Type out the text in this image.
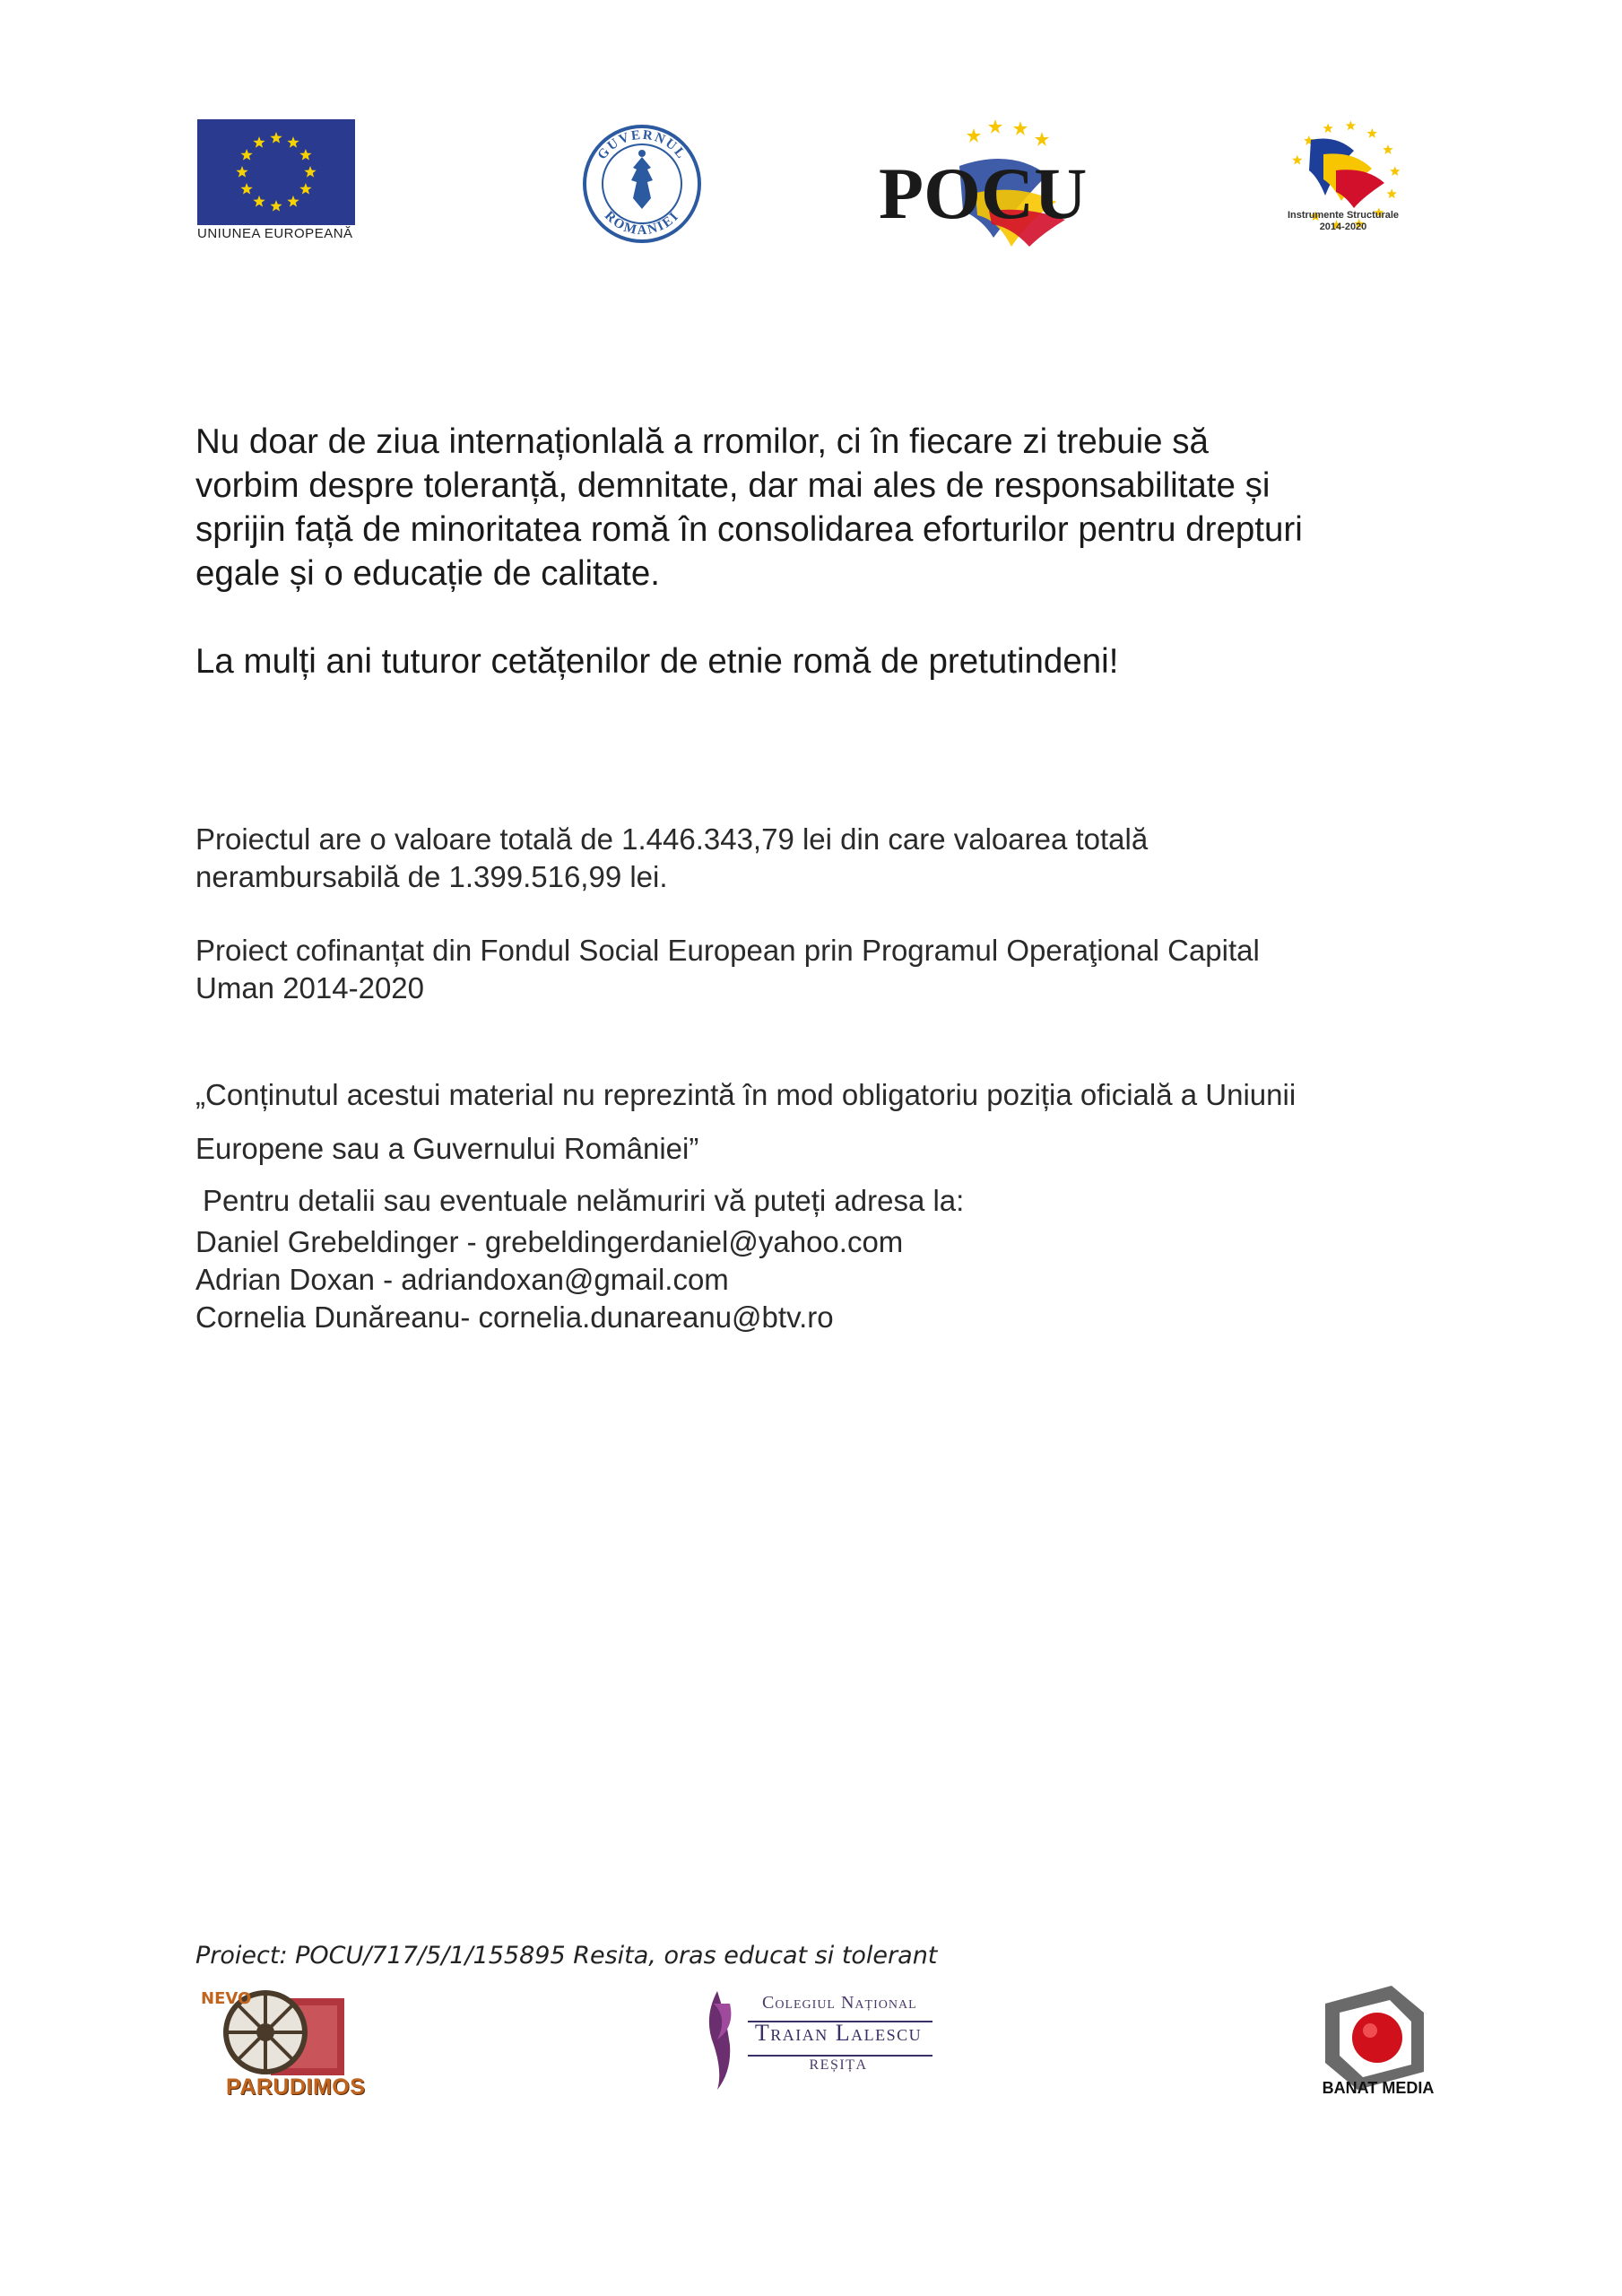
UNIUNEA EUROPEANĂ
GUVERNUL
ROMÂNIEI	POCU	Instrumente Structurale
2014-2020
Nu doar de ziua internaționlală a rromilor, ci în fiecare zi trebuie să
vorbim despre toleranță, demnitate, dar mai ales de responsabilitate și
sprijin față de minoritatea romă în consolidarea eforturilor pentru drepturi
egale și o educație de calitate.
La mulți ani tuturor cetățenilor de etnie romă de pretutindeni!
Proiectul are o valoare totală de 1.446.343,79 lei din care valoarea totală
nerambursabilă de 1.399.516,99 lei.
Proiect cofinanțat din Fondul Social European prin Programul Operaţional Capital
Uman 2014-2020
„Conținutul acestui material nu reprezintă în mod obligatoriu poziția oficială a Uniunii
Europene sau a Guvernului României”
Pentru detalii sau eventuale nelămuriri vă puteți adresa la:
Daniel Grebeldinger - grebeldingerdaniel@yahoo.com
Adrian Doxan - adriandoxan@gmail.com
Cornelia Dunăreanu- cornelia.dunareanu@btv.ro
Proiect: POCU/717/5/1/155895 Resita, oras educat si tolerant
NEVO
PARUDIMOS
Colegiul Național
Traian Lalescu
REȘIȚA
BANAT MEDIA
